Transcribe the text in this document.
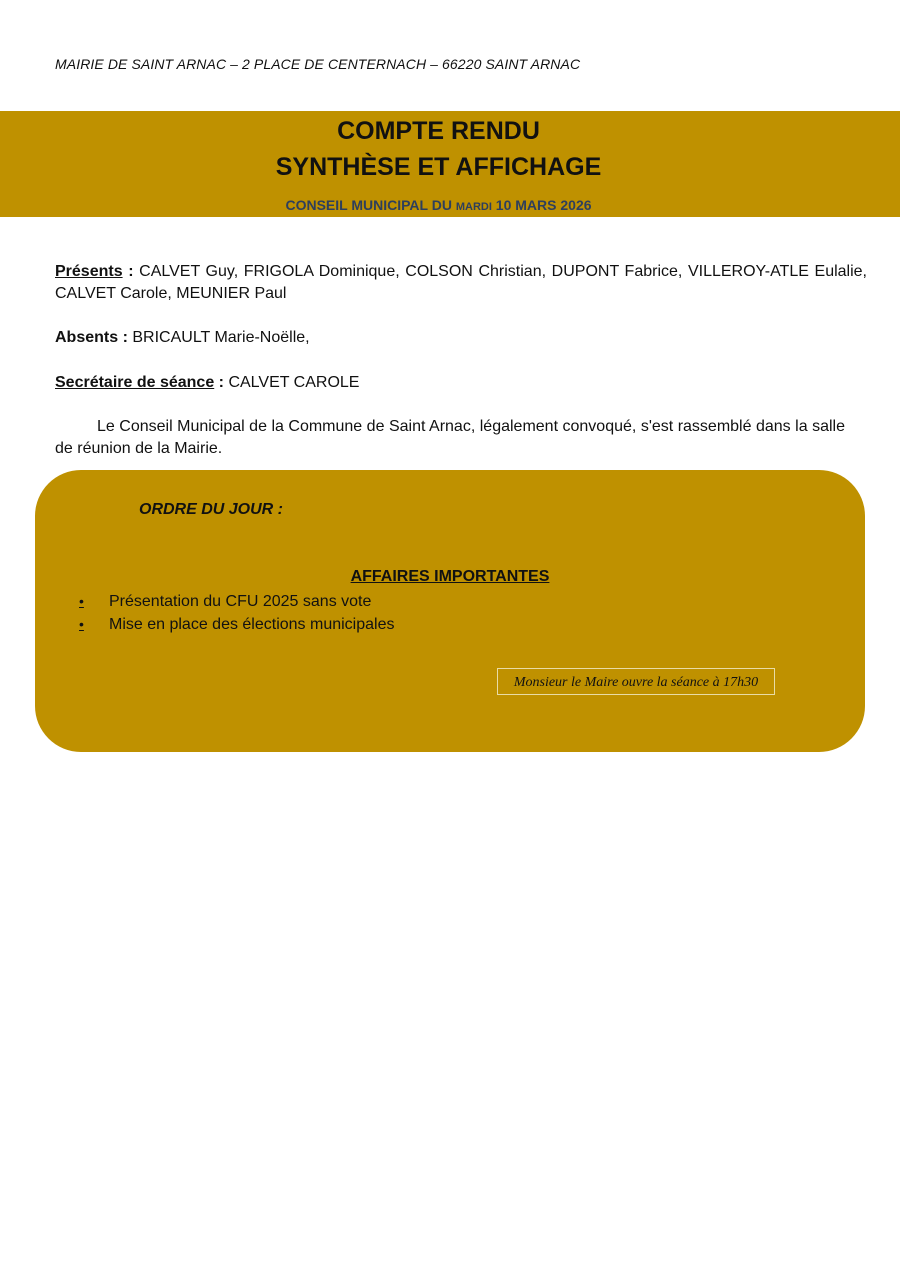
MAIRIE DE SAINT ARNAC – 2 PLACE DE CENTERNACH – 66220 SAINT ARNAC
COMPTE RENDU
SYNTHÈSE ET AFFICHAGE
CONSEIL MUNICIPAL DU MARDI 10 MARS 2026
Présents : CALVET Guy, FRIGOLA Dominique, COLSON Christian, DUPONT Fabrice, VILLEROY-ATLE Eulalie, CALVET Carole, MEUNIER Paul
Absents : BRICAULT Marie-Noëlle,
Secrétaire de séance : CALVET CAROLE
Le Conseil Municipal de la Commune de Saint Arnac, légalement convoqué, s'est rassemblé dans la salle de réunion de la Mairie.
ORDRE DU JOUR :
AFFAIRES IMPORTANTES
• Présentation du CFU 2025 sans vote
• Mise en place des élections municipales
Monsieur le Maire ouvre la séance à 17h30
